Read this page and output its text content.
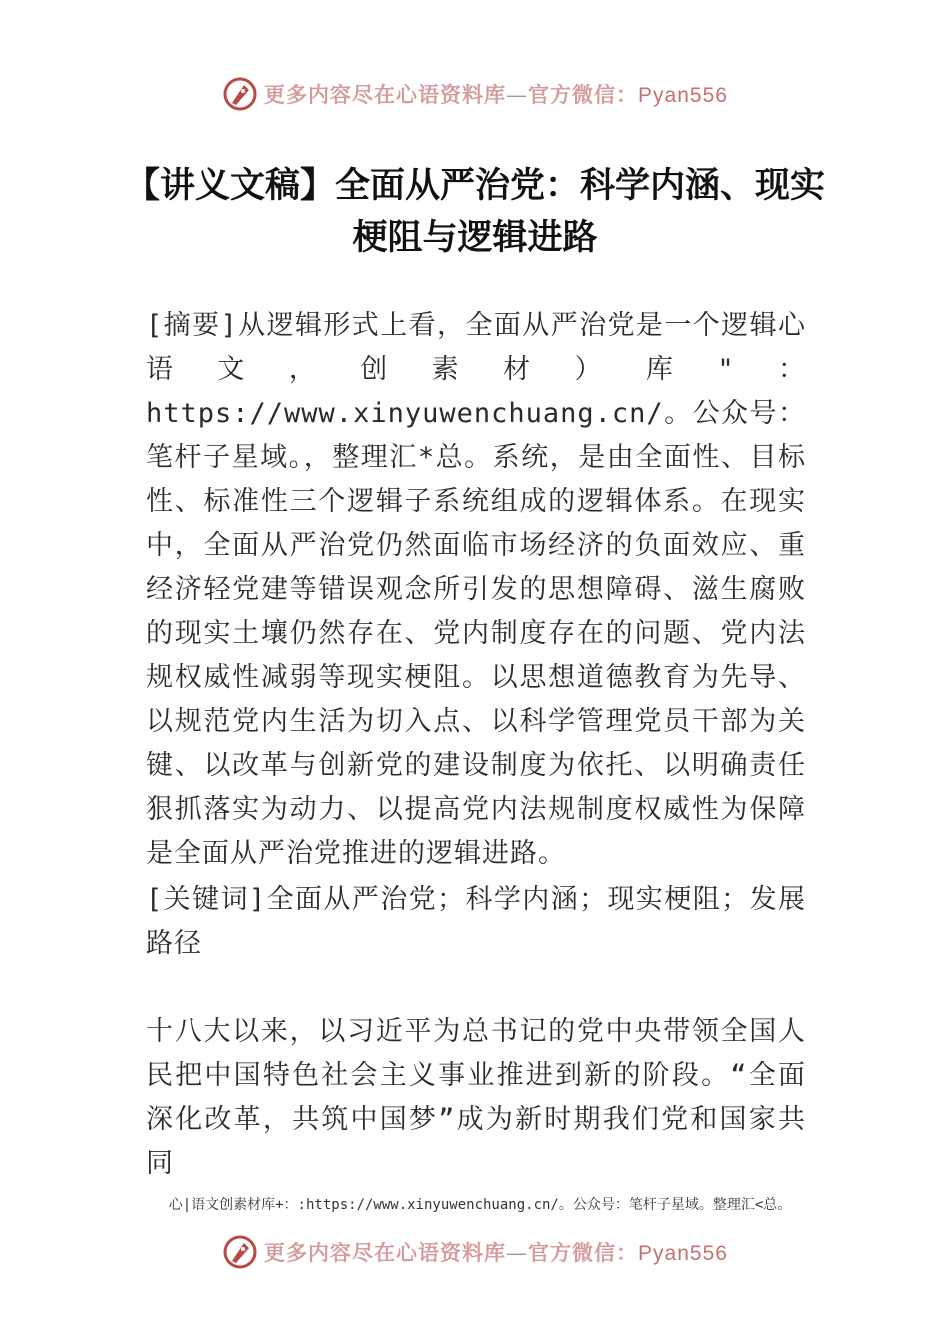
更多内容尽在心语资料库—官方微信：Pyan556
【讲义文稿】全面从严治党：科学内涵、现实梗阻与逻辑进路
[摘要]从逻辑形式上看，全面从严治党是一个逻辑心语文，创素材）库"：https://www.xinyuwenchuang.cn/。公众号：笔杆子星域。，整理汇*总。系统，是由全面性、目标性、标准性三个逻辑子系统组成的逻辑体系。在现实中，全面从严治党仍然面临市场经济的负面效应、重经济轻党建等错误观念所引发的思想障碍、滋生腐败的现实土壤仍然存在、党内制度存在的问题、党内法规权威性减弱等现实梗阻。以思想道德教育为先导、以规范党内生活为切入点、以科学管理党员干部为关键、以改革与创新党的建设制度为依托、以明确责任狠抓落实为动力、以提高党内法规制度权威性为保障是全面从严治党推进的逻辑进路。
[关键词]全面从严治党；科学内涵；现实梗阻；发展路径
十八大以来，以习近平为总书记的党中央带领全国人民把中国特色社会主义事业推进到新的阶段。“全面深化改革，共筑中国梦”成为新时期我们党和国家共同
心|语文创素材库+：:https://www.xinyuwenchuang.cn/。公众号：笔杆子星域。整理汇<总。
更多内容尽在心语资料库—官方微信：Pyan556
